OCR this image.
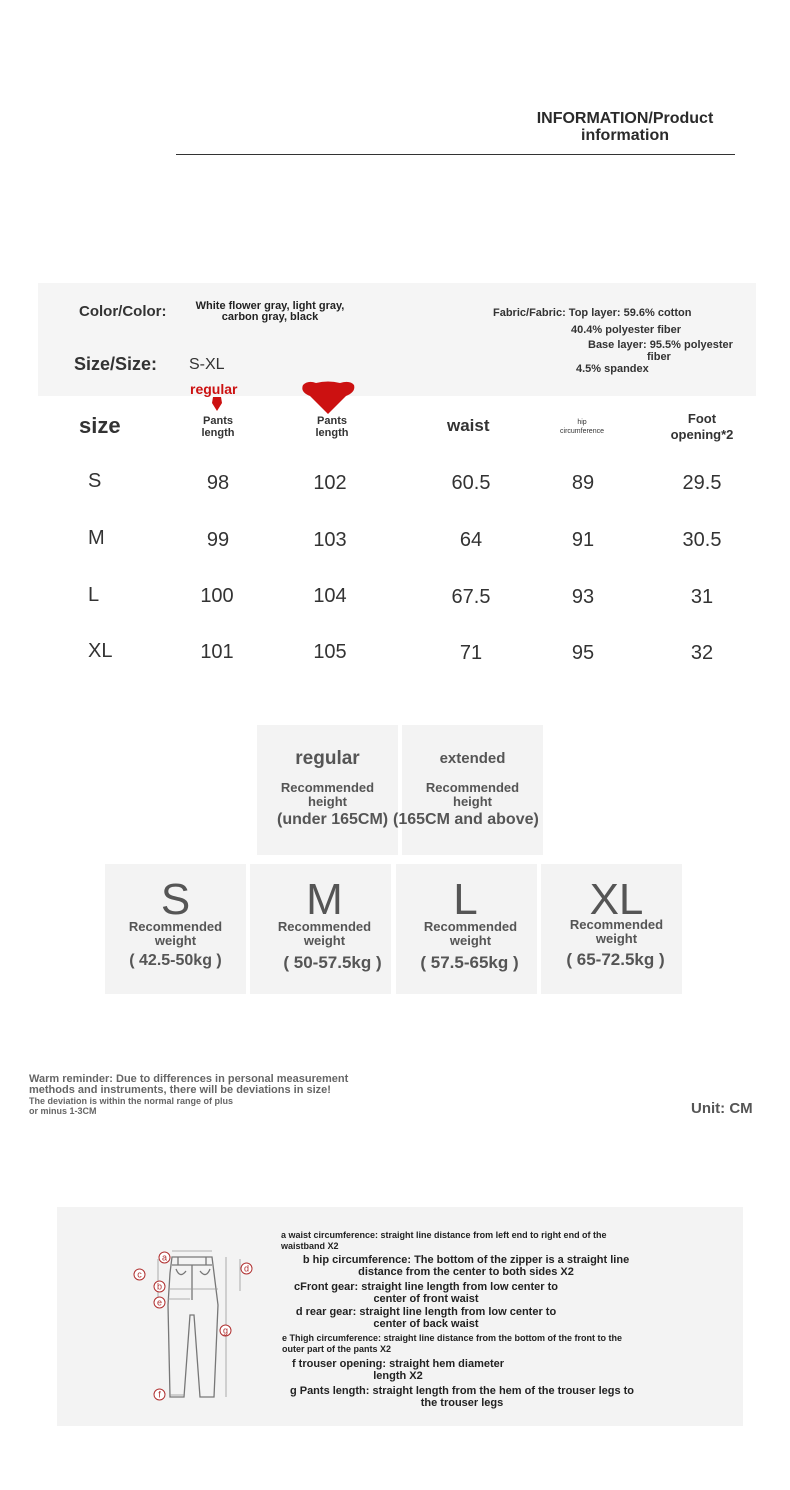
INFORMATION/Product
information
Color/Color:	White flower gray, light gray,
carbon gray, black
Size/Size: S-XL
Fabric/Fabric: Top layer: 59.6% cotton
40.4% polyester fiber
Base layer: 95.5% polyester
fiber
4.5% spandex
regular
size	Pants
length
Pants
length	waist	hip
circumference
Foot
opening*2
S	98	102	60.5	89	29.5
M	99	103	64	91	30.5
L	100	104	67.5	93	31
XL	101	105	71	95	32
regular
Recommended
height
extended
Recommended
height
(under 165CM) (165CM and above)
S
Recommended
weight
( 42.5-50kg )
M
Recommended
weight
( 50-57.5kg )
L
Recommended
weight
( 57.5-65kg )
XL
Recommended
weight
( 65-72.5kg )
Warm reminder: Due to differences in personal measurement
methods and instruments, there will be deviations in size!
The deviation is within the normal range of plus
or minus 1-3CM	Unit: CM
a
b
c
d
e
f
g
a waist circumference: straight line distance from left end to right end of the
waistband X2
b hip circumference: The bottom of the zipper is a straight line
distance from the center to both sides X2
cFront gear: straight line length from low center to
center of front waist
d rear gear: straight line length from low center to
center of back waist
e Thigh circumference: straight line distance from the bottom of the front to the
outer part of the pants X2
f trouser opening: straight hem diameter
length X2
g Pants length: straight length from the hem of the trouser legs to
the trouser legs
